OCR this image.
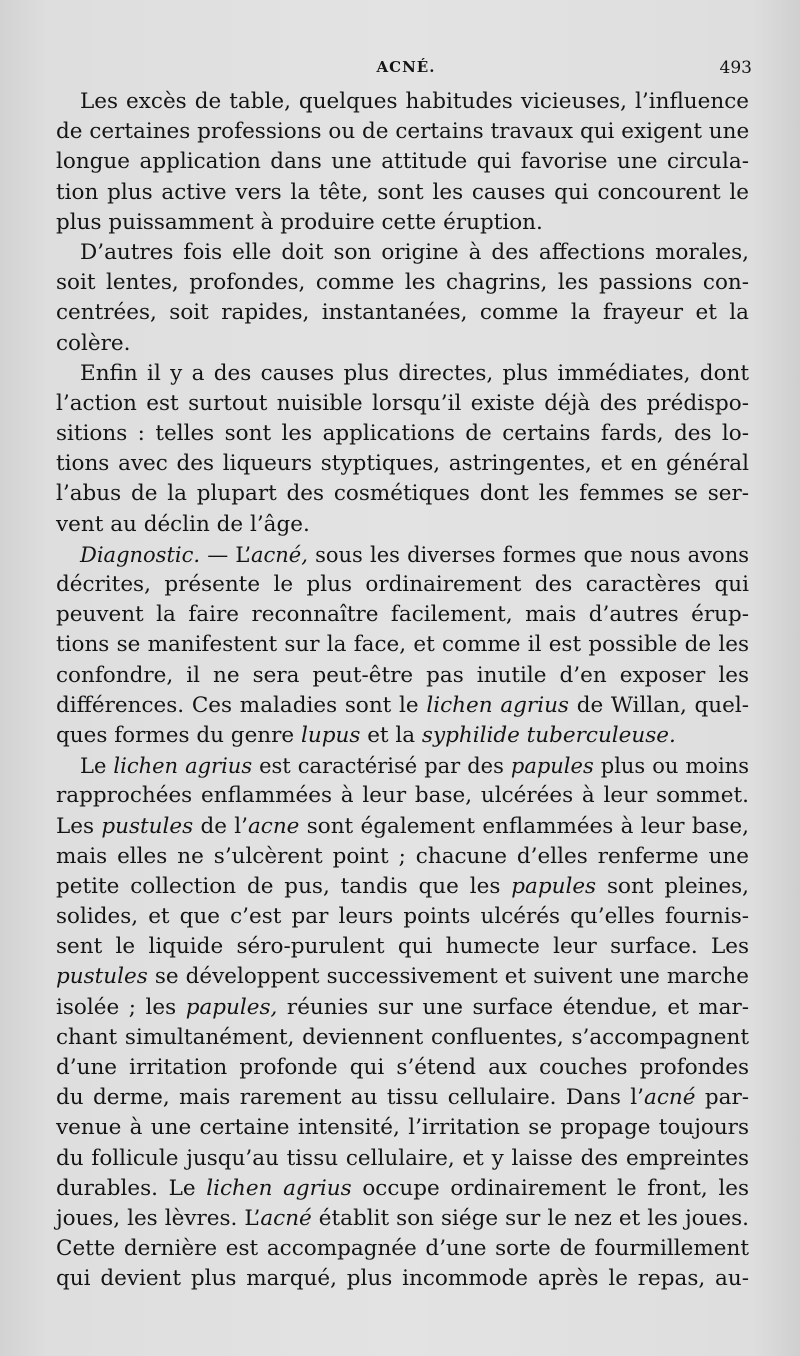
ACNÉ.	493
Les excès de table, quelques habitudes vicieuses, l’influence
de certaines professions ou de certains travaux qui exigent une
longue application dans une attitude qui favorise une circula-
tion plus active vers la tête, sont les causes qui concourent le
plus puissamment à produire cette éruption.
D’autres fois elle doit son origine à des affections morales,
soit lentes, profondes, comme les chagrins, les passions con-
centrées, soit rapides, instantanées, comme la frayeur et la
colère.
Enfin il y a des causes plus directes, plus immédiates, dont
l’action est surtout nuisible lorsqu’il existe déjà des prédispo-
sitions : telles sont les applications de certains fards, des lo-
tions avec des liqueurs styptiques, astringentes, et en général
l’abus de la plupart des cosmétiques dont les femmes se ser-
vent au déclin de l’âge.
Diagnostic. — L’acné, sous les diverses formes que nous avons
décrites, présente le plus ordinairement des caractères qui
peuvent la faire reconnaître facilement, mais d’autres érup-
tions se manifestent sur la face, et comme il est possible de les
confondre, il ne sera peut-être pas inutile d’en exposer les
différences. Ces maladies sont le lichen agrius de Willan, quel-
ques formes du genre lupus et la syphilide tuberculeuse.
Le lichen agrius est caractérisé par des papules plus ou moins
rapprochées enflammées à leur base, ulcérées à leur sommet.
Les pustules de l’acne sont également enflammées à leur base,
mais elles ne s’ulcèrent point ; chacune d’elles renferme une
petite collection de pus, tandis que les papules sont pleines,
solides, et que c’est par leurs points ulcérés qu’elles fournis-
sent le liquide séro-purulent qui humecte leur surface. Les
pustules se développent successivement et suivent une marche
isolée ; les papules, réunies sur une surface étendue, et mar-
chant simultanément, deviennent confluentes, s’accompagnent
d’une irritation profonde qui s’étend aux couches profondes
du derme, mais rarement au tissu cellulaire. Dans l’acné par-
venue à une certaine intensité, l’irritation se propage toujours
du follicule jusqu’au tissu cellulaire, et y laisse des empreintes
durables. Le lichen agrius occupe ordinairement le front, les
joues, les lèvres. L’acné établit son siége sur le nez et les joues.
Cette dernière est accompagnée d’une sorte de fourmillement
qui devient plus marqué, plus incommode après le repas, au-
